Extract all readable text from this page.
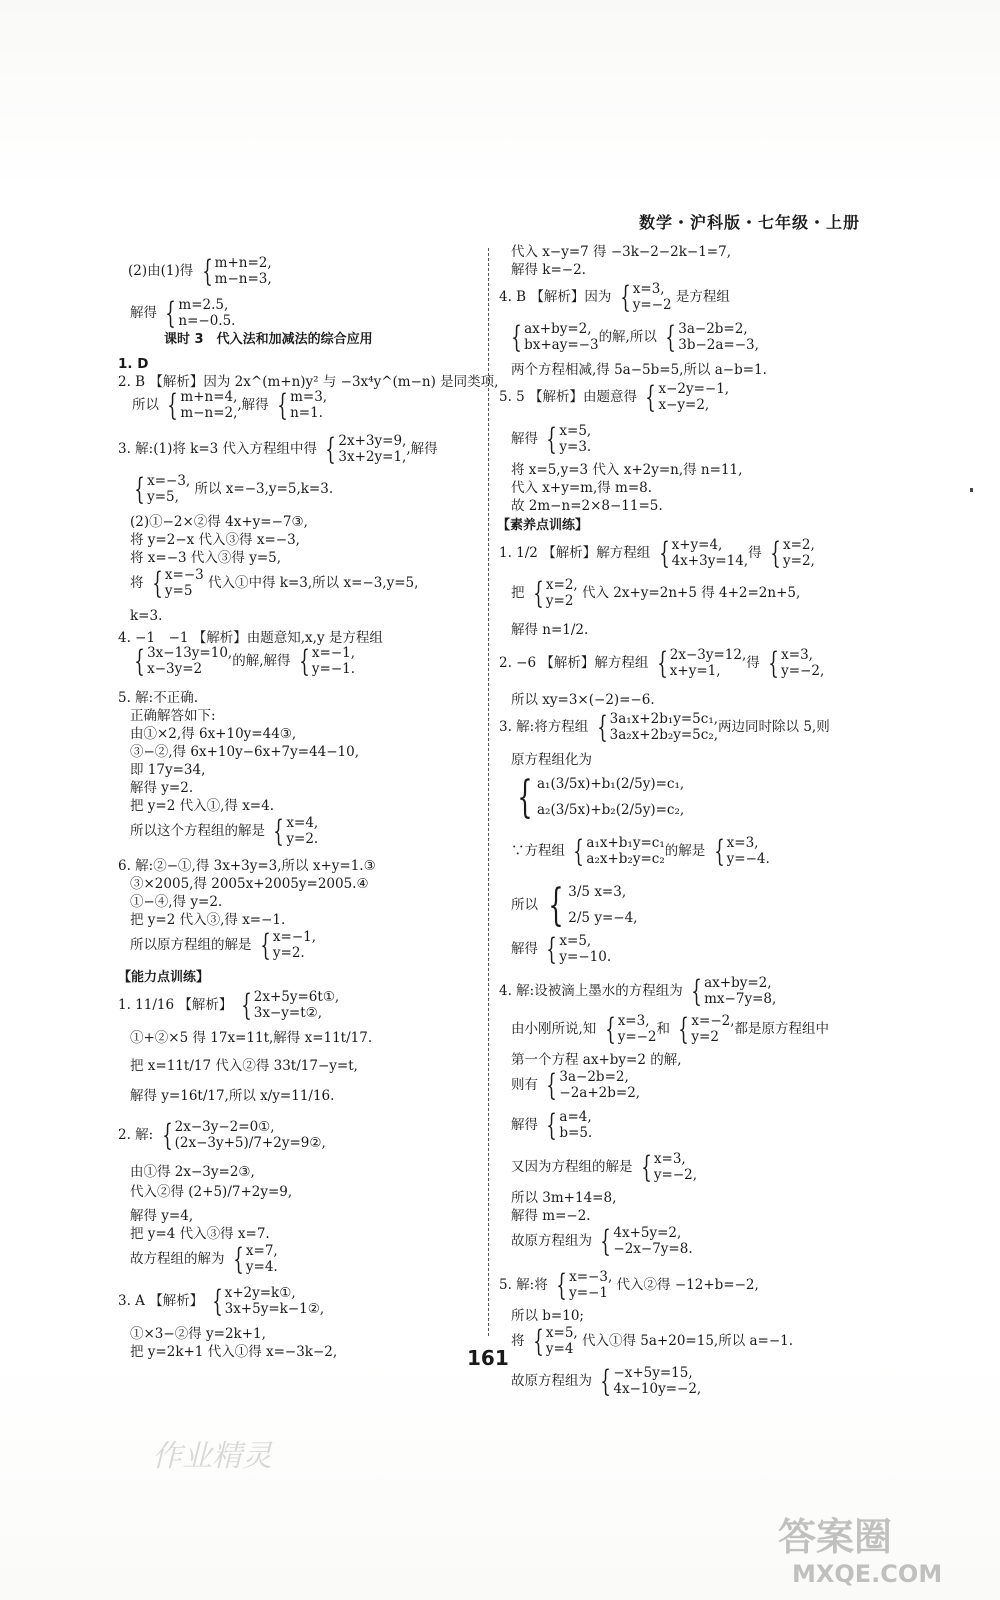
数学・沪科版・七年级・上册
(2)由(1)得 { m+n=2,
m−n=3,
解得 { m=2.5,
n=−0.5.
课时 3　代入法和加减法的综合应用
1. D
2. B 【解析】因为 2x^(m+n)y² 与 −3x⁴y^(m−n) 是同类项,
所以 { m+n=4,
m−n=2, ,解得 { m=3,
n=1.
3. 解:(1)将 k=3 代入方程组中得 { 2x+3y=9,
3x+2y=1, ,解得
{ x=−3,
y=5,	所以 x=−3,y=5,k=3.
(2)①−2×②得 4x+y=−7③,
将 y=2−x 代入③得 x=−3,
将 x=−3 代入③得 y=5,
将 { x=−3
y=5	代入①中得 k=3,所以 x=−3,y=5,
k=3.
4. −1　−1 【解析】由题意知,x,y 是方程组
{ 3x−13y=10,
x−3y=2	的解,解得 { x=−1,
y=−1.
5. 解:不正确.
正确解答如下:
由①×2,得 6x+10y=44③,
③−②,得 6x+10y−6x+7y=44−10,
即 17y=34,
解得 y=2.
把 y=2 代入①,得 x=4.
所以这个方程组的解是 { x=4,
y=2.
6. 解:②−①,得 3x+3y=3,所以 x+y=1.③
③×2005,得 2005x+2005y=2005.④
①−④,得 y=2.
把 y=2 代入③,得 x=−1.
所以原方程组的解是 { x=−1,
y=2.
【能力点训练】
1. 11/16 【解析】 { 2x+5y=6t①,
3x−y=t②,
①+②×5 得 17x=11t,解得 x=11t/17.
把 x=11t/17 代入②得 33t/17−y=t,
解得 y=16t/17,所以 x/y=11/16.
2. 解: { 2x−3y−2=0①,
(2x−3y+5)/7+2y=9②,
由①得 2x−3y=2③,
代入②得 (2+5)/7+2y=9,
解得 y=4,
把 y=4 代入③得 x=7.
故方程组的解为 { x=7,
y=4.
3. A 【解析】 { x+2y=k①,
3x+5y=k−1②,
①×3−②得 y=2k+1,
把 y=2k+1 代入①得 x=−3k−2,
代入 x−y=7 得 −3k−2−2k−1=7,
解得 k=−2.
4. B 【解析】因为 { x=3,
y=−2 是方程组
{ ax+by=2,
bx+ay=−3 的解,所以 { 3a−2b=2,
3b−2a=−3,
两个方程相减,得 5a−5b=5,所以 a−b=1.
5. 5 【解析】由题意得 { x−2y=−1,
x−y=2,
解得 { x=5,
y=3.
将 x=5,y=3 代入 x+2y=n,得 n=11,
代入 x+y=m,得 m=8.
故 2m−n=2×8−11=5.
【素养点训练】
1. 1/2 【解析】解方程组 { x+y=4,
4x+3y=14, 得 { x=2,
y=2,
把 { x=2,
y=2 代入 2x+y=2n+5 得 4+2=2n+5,
解得 n=1/2.
2. −6 【解析】解方程组 { 2x−3y=12,
x+y=1,	得 { x=3,
y=−2,
所以 xy=3×(−2)=−6.
3. 解:将方程组 { 3a₁x+2b₁y=5c₁,
3a₂x+2b₂y=5c₂, 两边同时除以 5,则
原方程组化为
{ a₁(3/5x)+b₁(2/5y)=c₁,
a₂(3/5x)+b₂(2/5y)=c₂,
∵方程组 { a₁x+b₁y=c₁
a₂x+b₂y=c₂ 的解是 { x=3,
y=−4.
所以 { 3/5 x=3,
2/5 y=−4,
解得 { x=5,
y=−10.
4. 解:设被滴上墨水的方程组为 { ax+by=2,
mx−7y=8,
由小刚所说,知 { x=3,
y=−2 和 { x=−2,
y=2	都是原方程组中
第一个方程 ax+by=2 的解,
则有 { 3a−2b=2,
−2a+2b=2,
解得 { a=4,
b=5.
又因为方程组的解是 { x=3,
y=−2,
所以 3m+14=8,
解得 m=−2.
故原方程组为 { 4x+5y=2,
−2x−7y=8.
5. 解:将 { x=−3,
y=−1 代入②得 −12+b=−2,
所以 b=10;
将 { x=5,
y=4 代入①得 5a+20=15,所以 a=−1.
故原方程组为 { −x+5y=15,
4x−10y=−2,
161
作业精灵
答案圈
MXQE.COM
